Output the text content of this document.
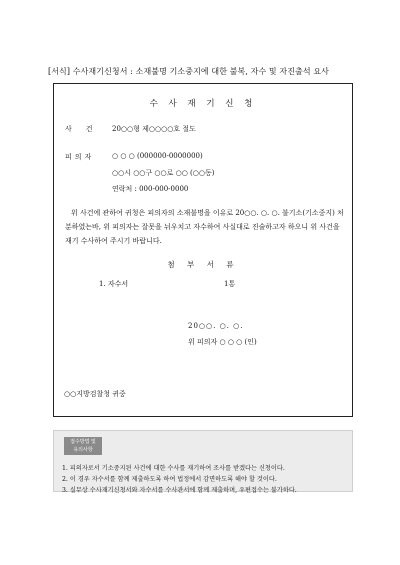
[서식] 수사재기신청서 : 소재불명 기소중지에 대한 불복, 자수 및 자진출석 요사
수 사 재 기 신 청
사건 20○○형 제○○○○호 절도
피의자	○ ○ ○ (000000-0000000)
○○시 ○○구 ○○로 ○○ (○○동)
연락처 : 000-000-0000
위 사건에 관하여 귀청은 피의자의 소재불명을 이유로 20○○. ○. ○. 불기소(기소중지) 처분하였는바, 위 피의자는 잘못을 뉘우치고 자수하여 사실대로 진술하고자 하오니 위 사건을 재기 수사하여 주시기 바랍니다.
첨 부 서 류
1. 자수서	1통
20○○. ○. ○.
위 피의자 ○ ○ ○ (인)
○○지방검찰청 귀중
접수방법 및
유의사항
1. 피의자로서 기소중지된 사건에 대한 수사를 재기하여 조사를 받겠다는 신청이다.
2. 이 경우 자수서를 함께 제출하도록 하여 법정에서 감면하도록 해야 할 것이다.
3. 실무상 수사재기신청서와 자수서를 수사관서에 함께 제출하며, 우편접수는 불가하다.
